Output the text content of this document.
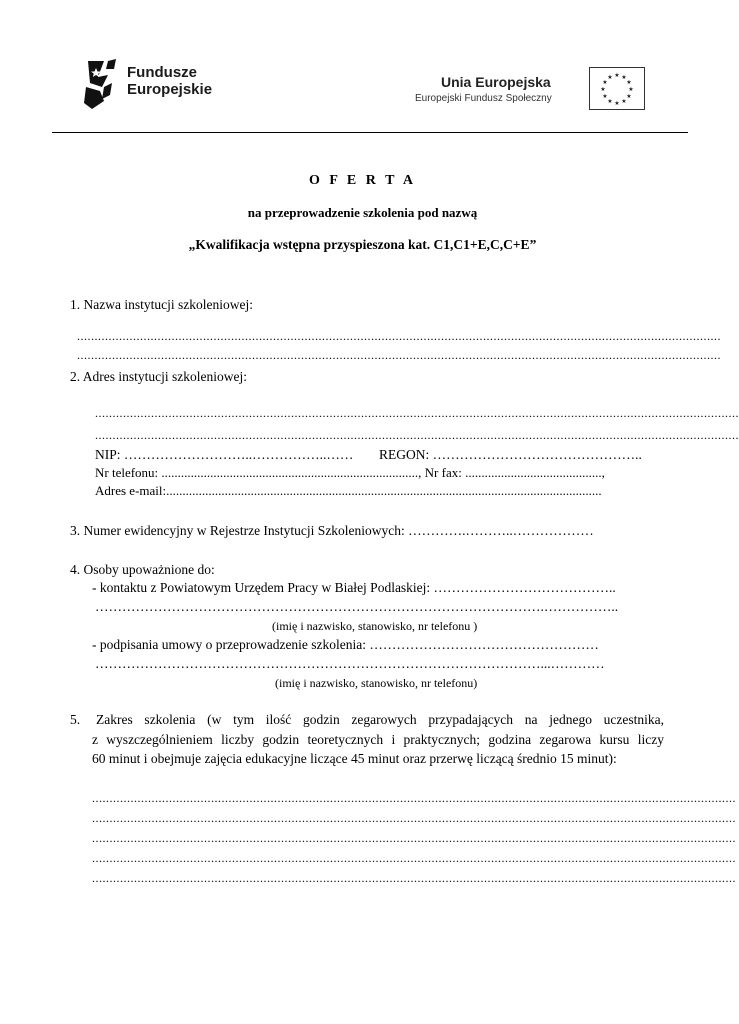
Fundusze
Europejskie	Unia Europejska
Europejski Fundusz Społeczny
★ ★
★
★
★
★
★
★
★
★
★
★
O F E R T A
na przeprowadzenie szkolenia pod nazwą
„Kwalifikacja wstępna przyspieszona kat. C1,C1+E,C,C+E”
1. Nazwa instytucji szkoleniowej:
........................................................................................................................................................................................
........................................................................................................................................................................................
2. Adres instytucji szkoleniowej:
........................................................................................................................................................................................
........................................................................................................................................................................................
NIP: ………………………..……………..…… REGON: ………………………………………..
Nr telefonu: ..............................................................................., Nr fax: ..........................................,
Adres e-mail:......................................................................................................................................
3. Numer ewidencyjny w Rejestrze Instytucji Szkoleniowych: ………….………..………………
4. Osoby upoważnione do:
- kontaktu z Powiatowym Urzędem Pracy w Białej Podlaskiej: …………………………………..
……………………………………………………………………………………….……………..
(imię i nazwisko, stanowisko, nr telefonu )
- podpisania umowy o przeprowadzenie szkolenia: ……………………………………………
………………………………………………………………………………………...…………
(imię i nazwisko, stanowisko, nr telefonu)
5. Zakres szkolenia (w tym ilość godzin zegarowych przypadających na jednego uczestnika,
z wyszczególnieniem liczby godzin teoretycznych i praktycznych; godzina zegarowa kursu liczy
60 minut i obejmuje zajęcia edukacyjne liczące 45 minut oraz przerwę liczącą średnio 15 minut):
........................................................................................................................................................................................
........................................................................................................................................................................................
........................................................................................................................................................................................
........................................................................................................................................................................................
........................................................................................................................................................................................
